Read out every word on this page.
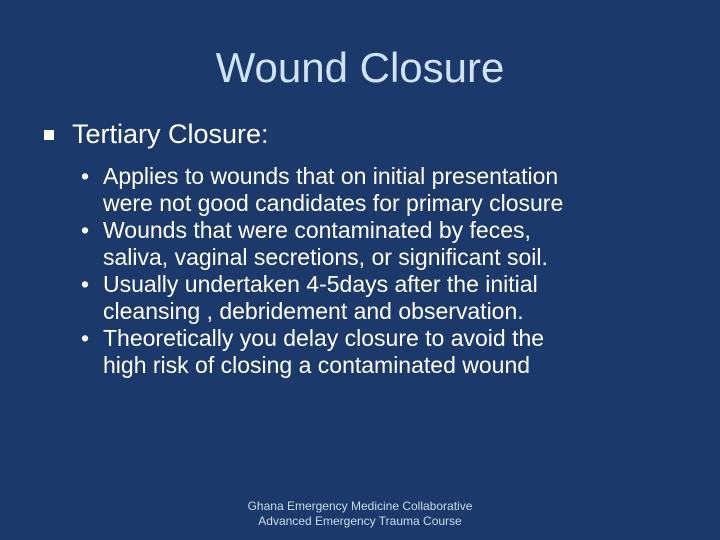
Wound Closure
Tertiary Closure:
• Applies to wounds that on initial presentation
were not good candidates for primary closure
• Wounds that were contaminated by feces,
saliva, vaginal secretions, or significant soil.
• Usually undertaken 4-5days after the initial
cleansing , debridement and observation.
• Theoretically you delay closure to avoid the
high risk of closing a contaminated wound
Ghana Emergency Medicine Collaborative
Advanced Emergency Trauma Course
